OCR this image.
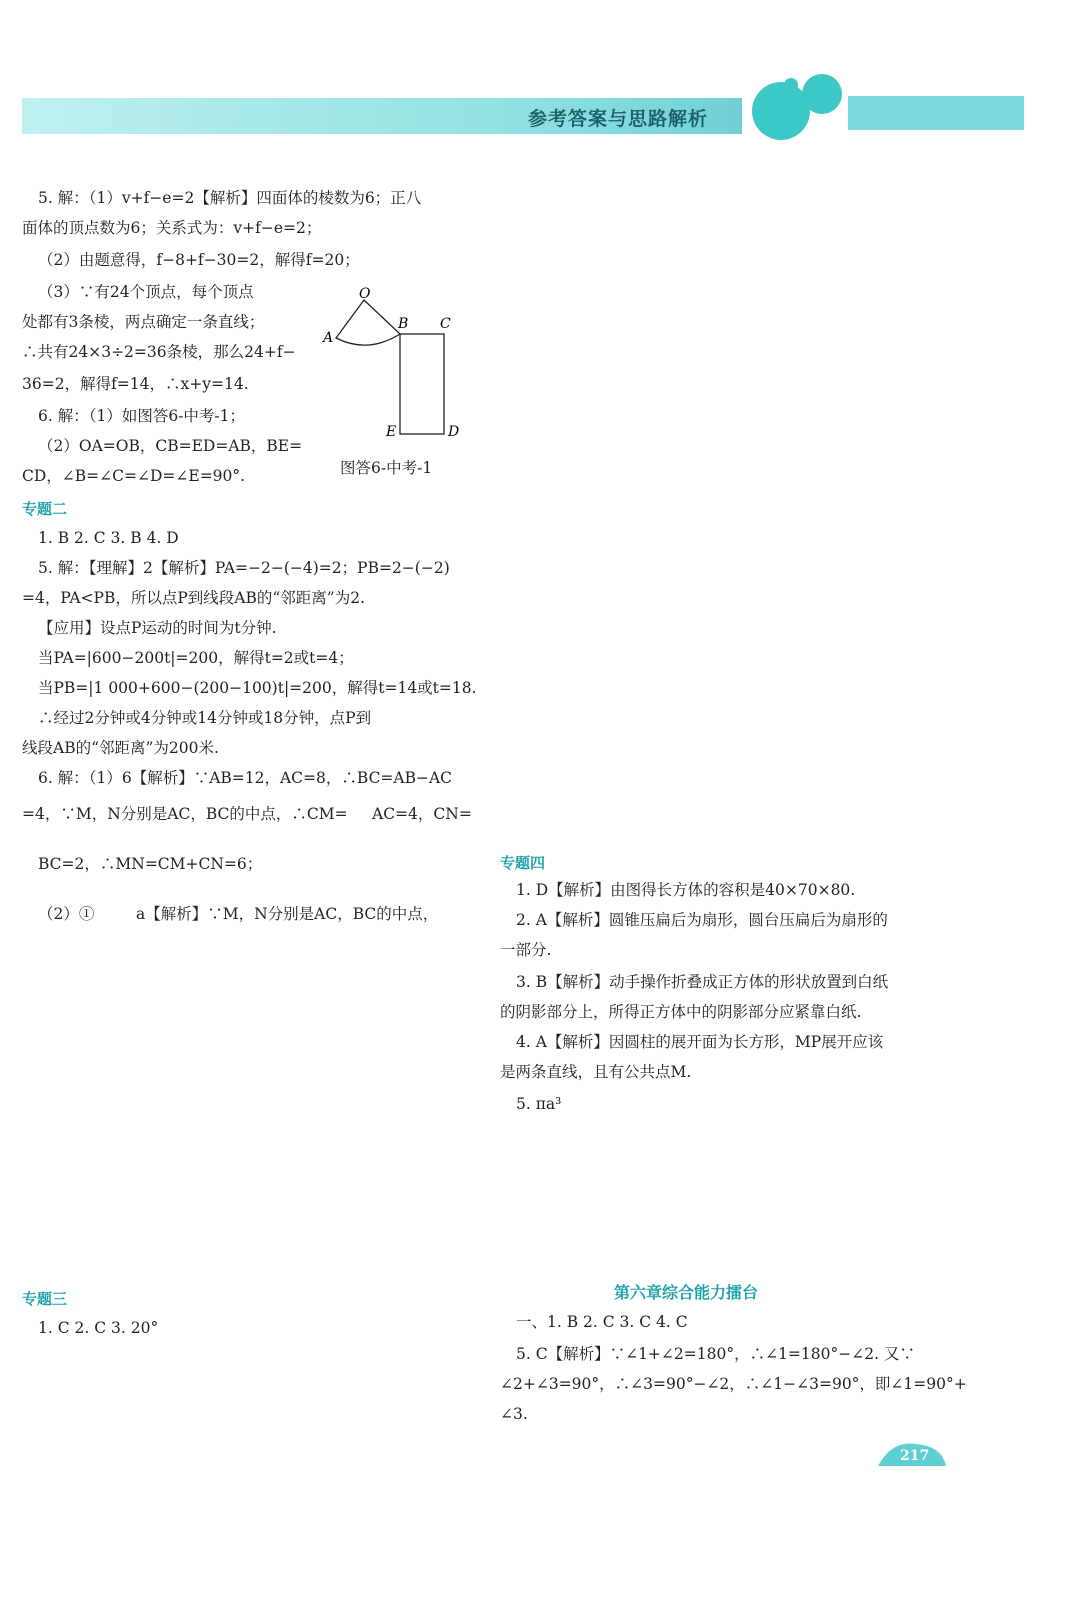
参考答案与思路解析
5. 解：（1）v+f−e=2【解析】四面体的棱数为6；正八
面体的顶点数为6；关系式为：v+f−e=2；
（2）由题意得，f−8+f−30=2，解得f=20；
（3）∵有24个顶点，每个顶点
处都有3条棱，两点确定一条直线；
∴共有24×3÷2=36条棱，那么24+f−
36=2，解得f=14，∴x+y=14.
6. 解：（1）如图答6-中考-1；
（2）OA=OB，CB=ED=AB，BE=
CD，∠B=∠C=∠D=∠E=90°.
O
A
B C
E	D
图答6-中考-1
专题二
1. B 2. C 3. B 4. D
5. 解：【理解】2【解析】PA=−2−(−4)=2；PB=2−(−2)
=4，PA<PB，所以点P到线段AB的“邻距离”为2.
【应用】设点P运动的时间为t分钟.
当PA=|600−200t|=200，解得t=2或t=4；
当PB=|1 000+600−(200−100)t|=200，解得t=14或t=18.
∴经过2分钟或4分钟或14分钟或18分钟，点P到
线段AB的“邻距离”为200米.
6. 解：（1）6【解析】∵AB=12，AC=8，∴BC=AB−AC
=4，∵M，N分别是AC，BC的中点，∴CM= AC=4，CN=
BC=2，∴MN=CM+CN=6；
（2）①	a【解析】∵M，N分别是AC，BC的中点，
专题三
1. C 2. C 3. 20°
专题四
1. D【解析】由图得长方体的容积是40×70×80.
2. A【解析】圆锥压扁后为扇形，圆台压扁后为扇形的
一部分.
3. B【解析】动手操作折叠成正方体的形状放置到白纸
的阴影部分上，所得正方体中的阴影部分应紧靠白纸.
4. A【解析】因圆柱的展开面为长方形，MP展开应该
是两条直线，且有公共点M.
5. πa³
第六章综合能力擂台
一、1. B 2. C 3. C 4. C
5. C【解析】∵∠1+∠2=180°，∴∠1=180°−∠2. 又∵
∠2+∠3=90°，∴∠3=90°−∠2，∴∠1−∠3=90°，即∠1=90°+
∠3.
217
